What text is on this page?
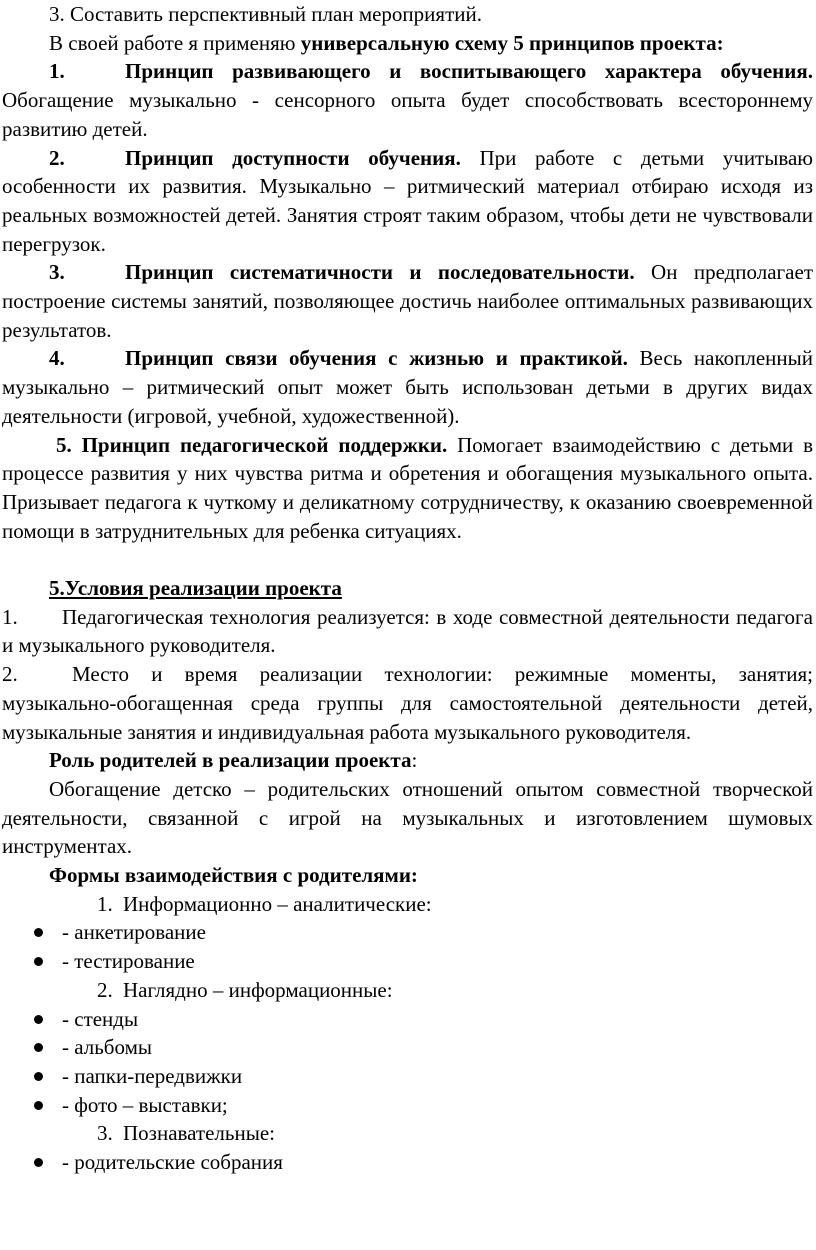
3. Составить перспективный план мероприятий.

В своей работе я применяю универсальную схему 5 принципов проекта:

1.	Принцип развивающего и воспитывающего характера обучения. Обогащение музыкально - сенсорного опыта будет способствовать всестороннему развитию детей.

2.	Принцип доступности обучения. При работе с детьми учитываю особенности их развития. Музыкально – ритмический материал отбираю исходя из реальных возможностей детей. Занятия строят таким образом, чтобы дети не чувствовали перегрузок.

3.	Принцип систематичности и последовательности. Он предполагает построение системы занятий, позволяющее достичь наиболее оптимальных развивающих результатов.

4.	Принцип связи обучения с жизнью и практикой. Весь накопленный музыкально – ритмический опыт может быть использован детьми в других видах деятельности (игровой, учебной, художественной).

5. Принцип педагогической поддержки. Помогает взаимодействию с детьми в процессе развития у них чувства ритма и обретения и обогащения музыкального опыта. Призывает педагога к чуткому и деликатному сотрудничеству, к оказанию своевременной помощи в затруднительных для ребенка ситуациях.

5.Условия реализации проекта

1. Педагогическая технология реализуется: в ходе совместной деятельности педагога и музыкального руководителя.

2.	Место и время реализации технологии: режимные моменты, занятия; музыкально-обогащенная среда группы для самостоятельной деятельности детей, музыкальные занятия и индивидуальная работа музыкального руководителя.

Роль родителей в реализации проекта:

Обогащение детско – родительских отношений опытом совместной творческой деятельности, связанной с игрой на музыкальных и изготовлением шумовых инструментах.

Формы взаимодействия с родителями:

1. Информационно – аналитические:

- анкетирование

- тестирование

2. Наглядно – информационные:

- стенды

- альбомы

- папки-передвижки

- фото – выставки;

3. Познавательные:

- родительские собрания
